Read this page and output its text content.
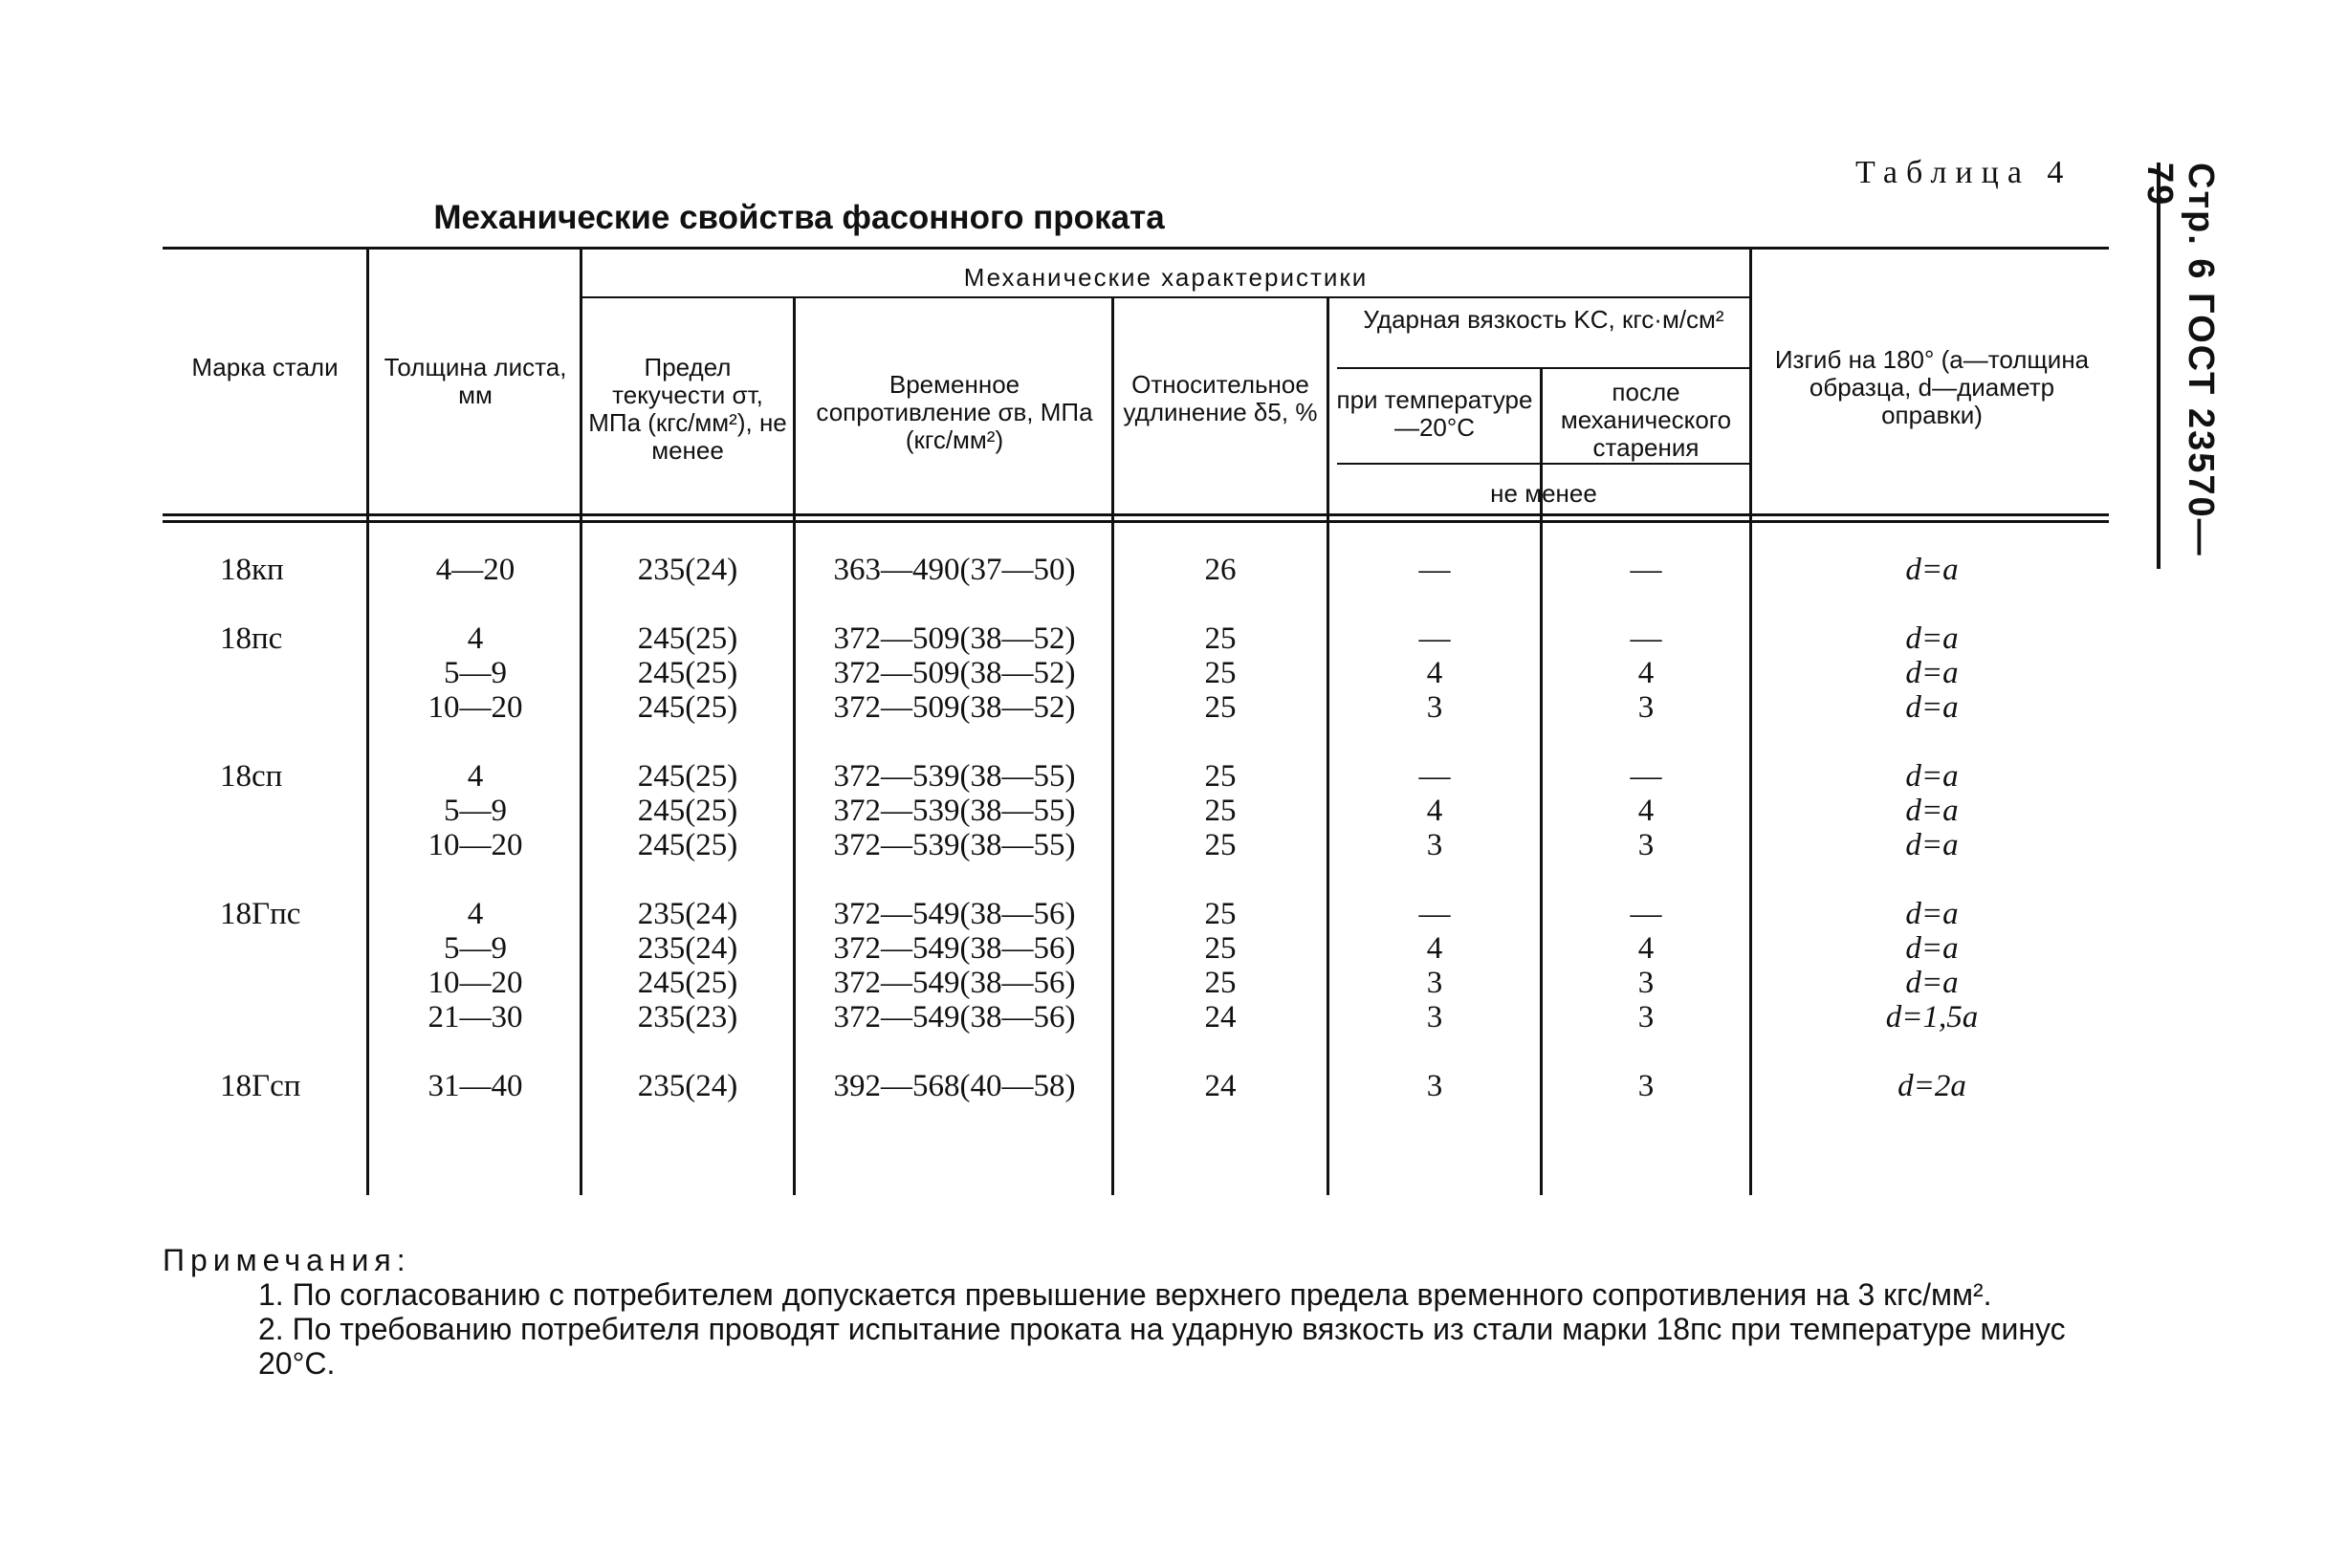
Таблица 4
Механические свойства фасонного проката	Стр. 6 ГОСТ 23570—79
Марка стали	Толщина листа, мм
Механические характеристики
Предел текучести σт, МПа (кгс/мм²), не менее
Временное сопротивление σв, МПа (кгс/мм²)
Относительное удлинение δ5, %
Ударная вязкость KC, кгс·м/см²
при температуре —20°С
после механического старения
не менее
Изгиб на 180° (a—толщина образца, d—диаметр оправки)
18кп	4—20	235(24)	363—490(37—50)	26	—	—	d=a
18пс	4	245(25)	372—509(38—52)	25	—	—	d=a
5—9	245(25)	372—509(38—52)	25	4	4	d=a
10—20	245(25)	372—509(38—52)	25	3	3	d=a
18сп	4	245(25)	372—539(38—55)	25	—	—	d=a
5—9	245(25)	372—539(38—55)	25	4	4	d=a
10—20	245(25)	372—539(38—55)	25	3	3	d=a
18Гпс	4	235(24)	372—549(38—56)	25	—	—	d=a
5—9	235(24)	372—549(38—56)	25	4	4	d=a
10—20	245(25)	372—549(38—56)	25	3	3	d=a
21—30	235(23)	372—549(38—56)	24	3	3	d=1,5a
18Гсп	31—40	235(24)	392—568(40—58)	24	3	3	d=2a

Примечания:

1. По согласованию с потребителем допускается превышение верхнего предела временного сопротивления на 3 кгс/мм².

2. По требованию потребителя проводят испытание проката на ударную вязкость из стали марки 18пс при температуре минус 20°С.
